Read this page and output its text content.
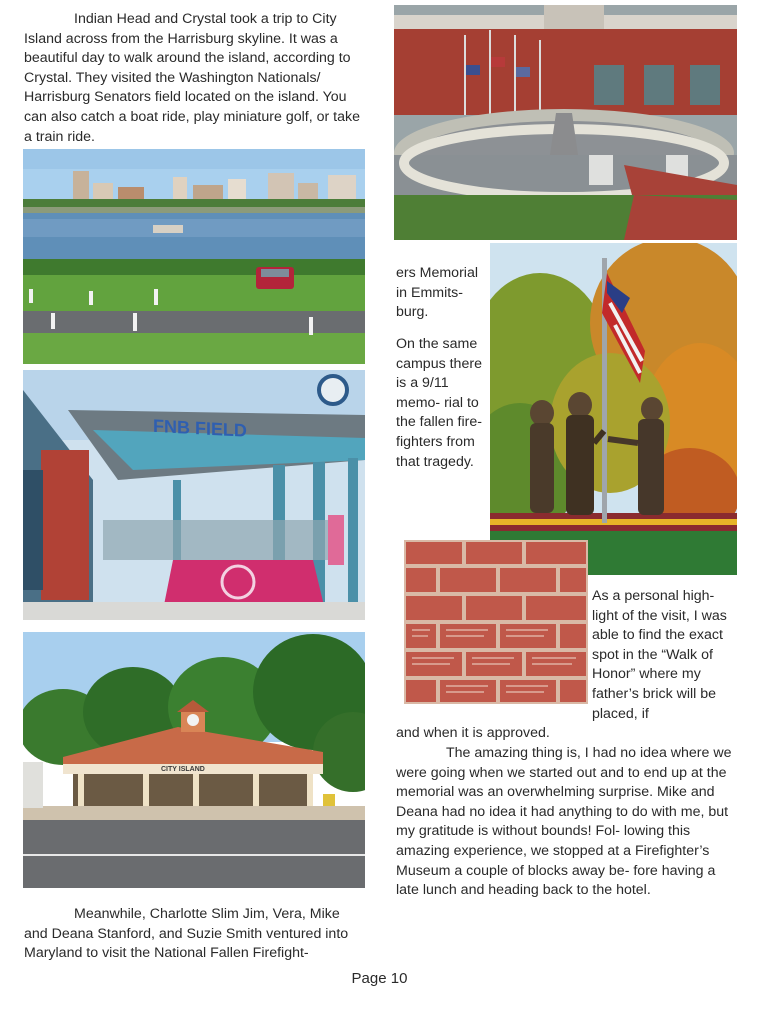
Indian Head and Crystal took a trip to City Island across from the Harrisburg skyline. It was a beautiful day to walk around the island, according to Crystal. They visited the Washington Nationals/ Harrisburg Senators field located on the island. You can also catch a boat ride, play miniature golf, or take a train ride.

FNB FIELD
CITY ISLAND

Meanwhile, Charlotte Slim Jim, Vera, Mike and Deana Stanford, and Suzie Smith ventured into Maryland to visit the National Fallen Firefight-

ers Memorial in Emmits- burg.

On the same campus there is a 9/11 memo- rial to the fallen fire- fighters from that tragedy.

As a personal high- light of the visit, I was able to find the exact spot in the “Walk of Honor” where my father’s brick will be placed, if

and when it is approved.

The amazing thing is, I had no idea where we were going when we started out and to end up at the memorial was an overwhelming surprise. Mike and Deana had no idea it had anything to do with me, but my gratitude is without bounds! Fol- lowing this amazing experience, we stopped at a Firefighter’s Museum a couple of blocks away be- fore having a late lunch and heading back to the hotel.

Page 10
